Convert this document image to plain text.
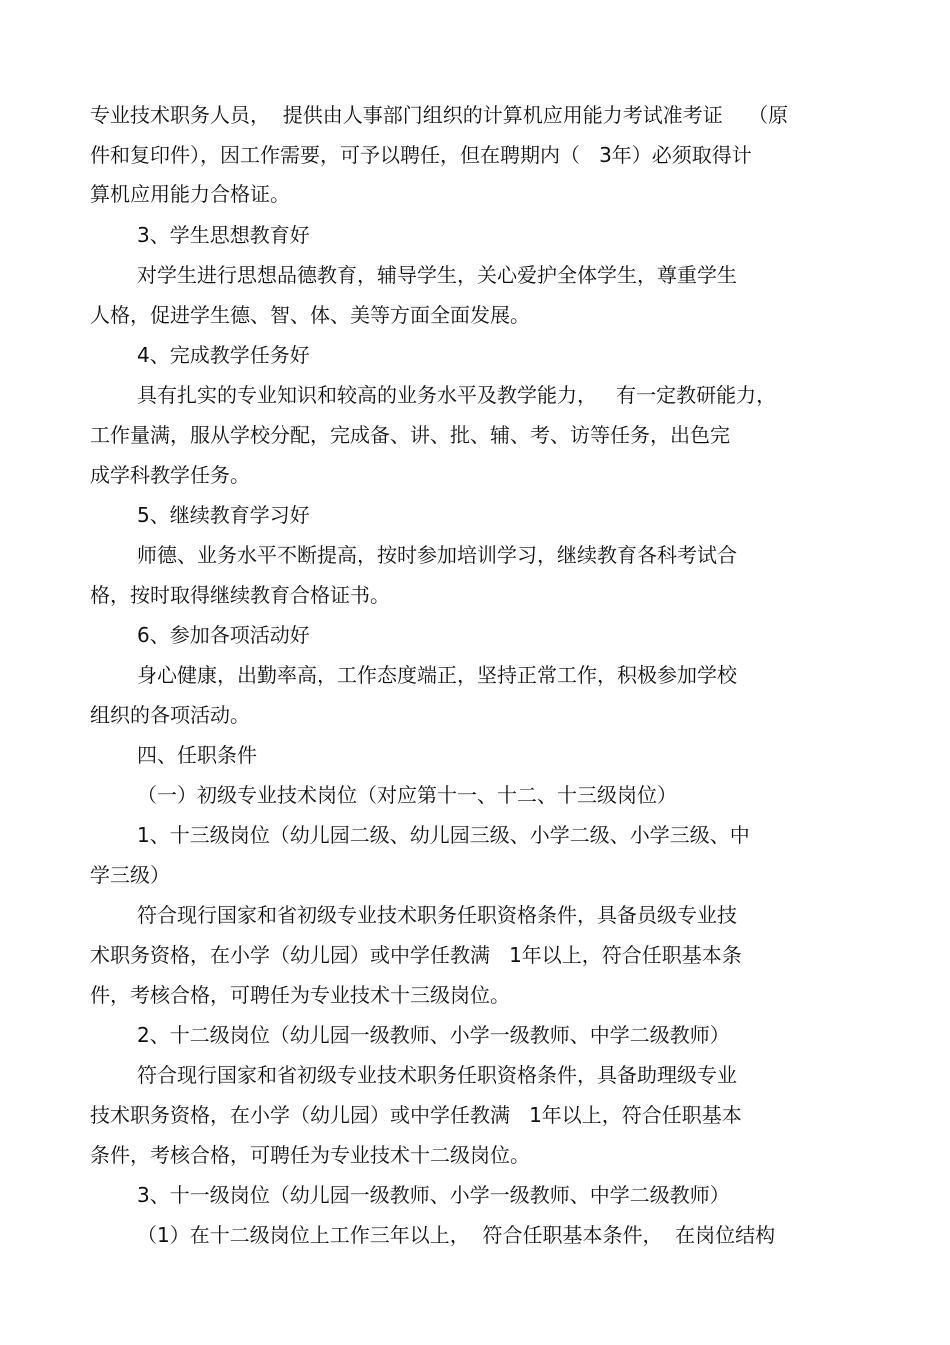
专业技术职务人员，  提供由人事部门组织的计算机应用能力考试准考证    （原
件和复印件），因工作需要，可予以聘任，但在聘期内（   3年）必须取得计
算机应用能力合格证。
3、学生思想教育好
对学生进行思想品德教育，辅导学生，关心爱护全体学生，尊重学生
人格，促进学生德、智、体、美等方面全面发展。
4、完成教学任务好
具有扎实的专业知识和较高的业务水平及教学能力，   有一定教研能力，
工作量满，服从学校分配，完成备、讲、批、辅、考、访等任务，出色完
成学科教学任务。
5、继续教育学习好
师德、业务水平不断提高，按时参加培训学习，继续教育各科考试合
格，按时取得继续教育合格证书。
6、参加各项活动好
身心健康，出勤率高，工作态度端正，坚持正常工作，积极参加学校
组织的各项活动。
四、任职条件
（一）初级专业技术岗位（对应第十一、十二、十三级岗位）
1、十三级岗位（幼儿园二级、幼儿园三级、小学二级、小学三级、中
学三级）
符合现行国家和省初级专业技术职务任职资格条件，具备员级专业技
术职务资格，在小学（幼儿园）或中学任教满   1年以上，符合任职基本条
件，考核合格，可聘任为专业技术十三级岗位。
2、十二级岗位（幼儿园一级教师、小学一级教师、中学二级教师）
符合现行国家和省初级专业技术职务任职资格条件，具备助理级专业
技术职务资格，在小学（幼儿园）或中学任教满   1年以上，符合任职基本
条件，考核合格，可聘任为专业技术十二级岗位。
3、十一级岗位（幼儿园一级教师、小学一级教师、中学二级教师）
（1）在十二级岗位上工作三年以上，  符合任职基本条件，  在岗位结构
